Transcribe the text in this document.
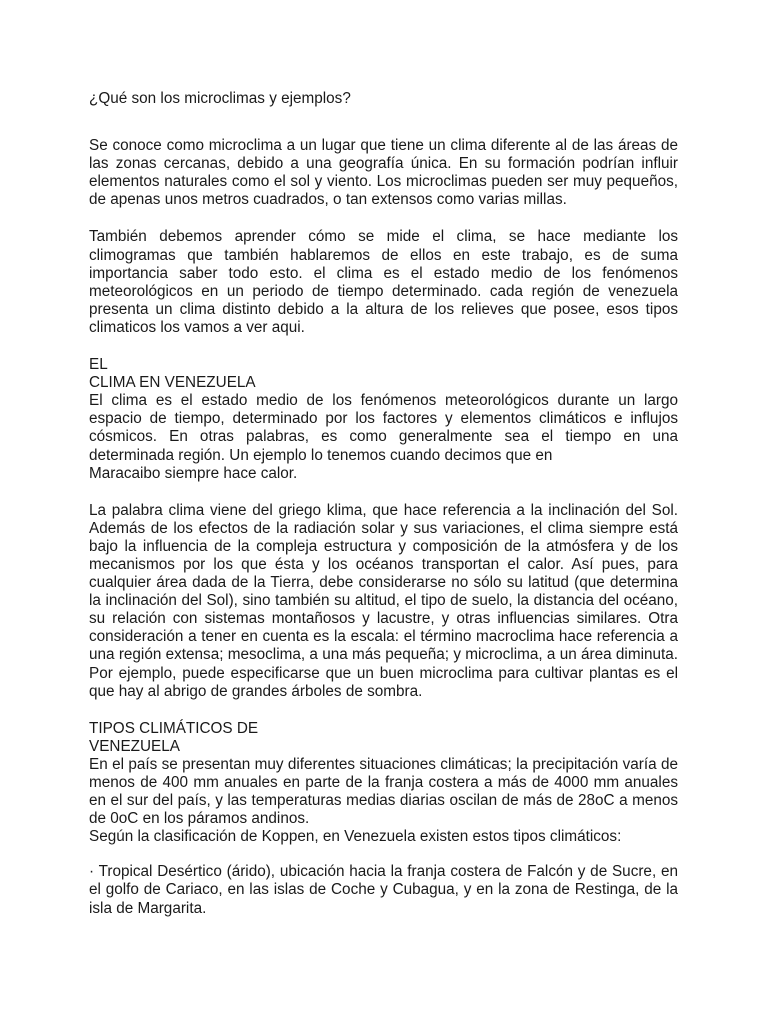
¿Qué son los microclimas y ejemplos?

Se conoce como microclima a un lugar que tiene un clima diferente al de las áreas de las zonas cercanas, debido a una geografía única. En su formación podrían influir elementos naturales como el sol y viento. Los microclimas pueden ser muy pequeños, de apenas unos metros cuadrados, o tan extensos como varias millas.

También debemos aprender cómo se mide el clima, se hace mediante los climogramas que también hablaremos de ellos en este trabajo, es de suma importancia saber todo esto. el clima es el estado medio de los fenómenos meteorológicos en un periodo de tiempo determinado. cada región de venezuela presenta un clima distinto debido a la altura de los relieves que posee, esos tipos climaticos los vamos a ver aqui.

EL

CLIMA EN VENEZUELA

El clima es el estado medio de los fenómenos meteorológicos durante un largo espacio de tiempo, determinado por los factores y elementos climáticos e influjos cósmicos. En otras palabras, es como generalmente sea el tiempo en una determinada región. Un ejemplo lo tenemos cuando decimos que en

Maracaibo siempre hace calor.

La palabra clima viene del griego klima, que hace referencia a la inclinación del Sol. Además de los efectos de la radiación solar y sus variaciones, el clima siempre está bajo la influencia de la compleja estructura y composición de la atmósfera y de los mecanismos por los que ésta y los océanos transportan el calor. Así pues, para cualquier área dada de la Tierra, debe considerarse no sólo su latitud (que determina la inclinación del Sol), sino también su altitud, el tipo de suelo, la distancia del océano, su relación con sistemas montañosos y lacustre, y otras influencias similares. Otra consideración a tener en cuenta es la escala: el término macroclima hace referencia a una región extensa; mesoclima, a una más pequeña; y microclima, a un área diminuta. Por ejemplo, puede especificarse que un buen microclima para cultivar plantas es el que hay al abrigo de grandes árboles de sombra.

TIPOS CLIMÁTICOS DE

VENEZUELA

En el país se presentan muy diferentes situaciones climáticas; la precipitación varía de menos de 400 mm anuales en parte de la franja costera a más de 4000 mm anuales en el sur del país, y las temperaturas medias diarias oscilan de más de 28oC a menos de 0oC en los páramos andinos.

Según la clasificación de Koppen, en Venezuela existen estos tipos climáticos:

· Tropical Desértico (árido), ubicación hacia la franja costera de Falcón y de Sucre, en el golfo de Cariaco, en las islas de Coche y Cubagua, y en la zona de Restinga, de la isla de Margarita.
